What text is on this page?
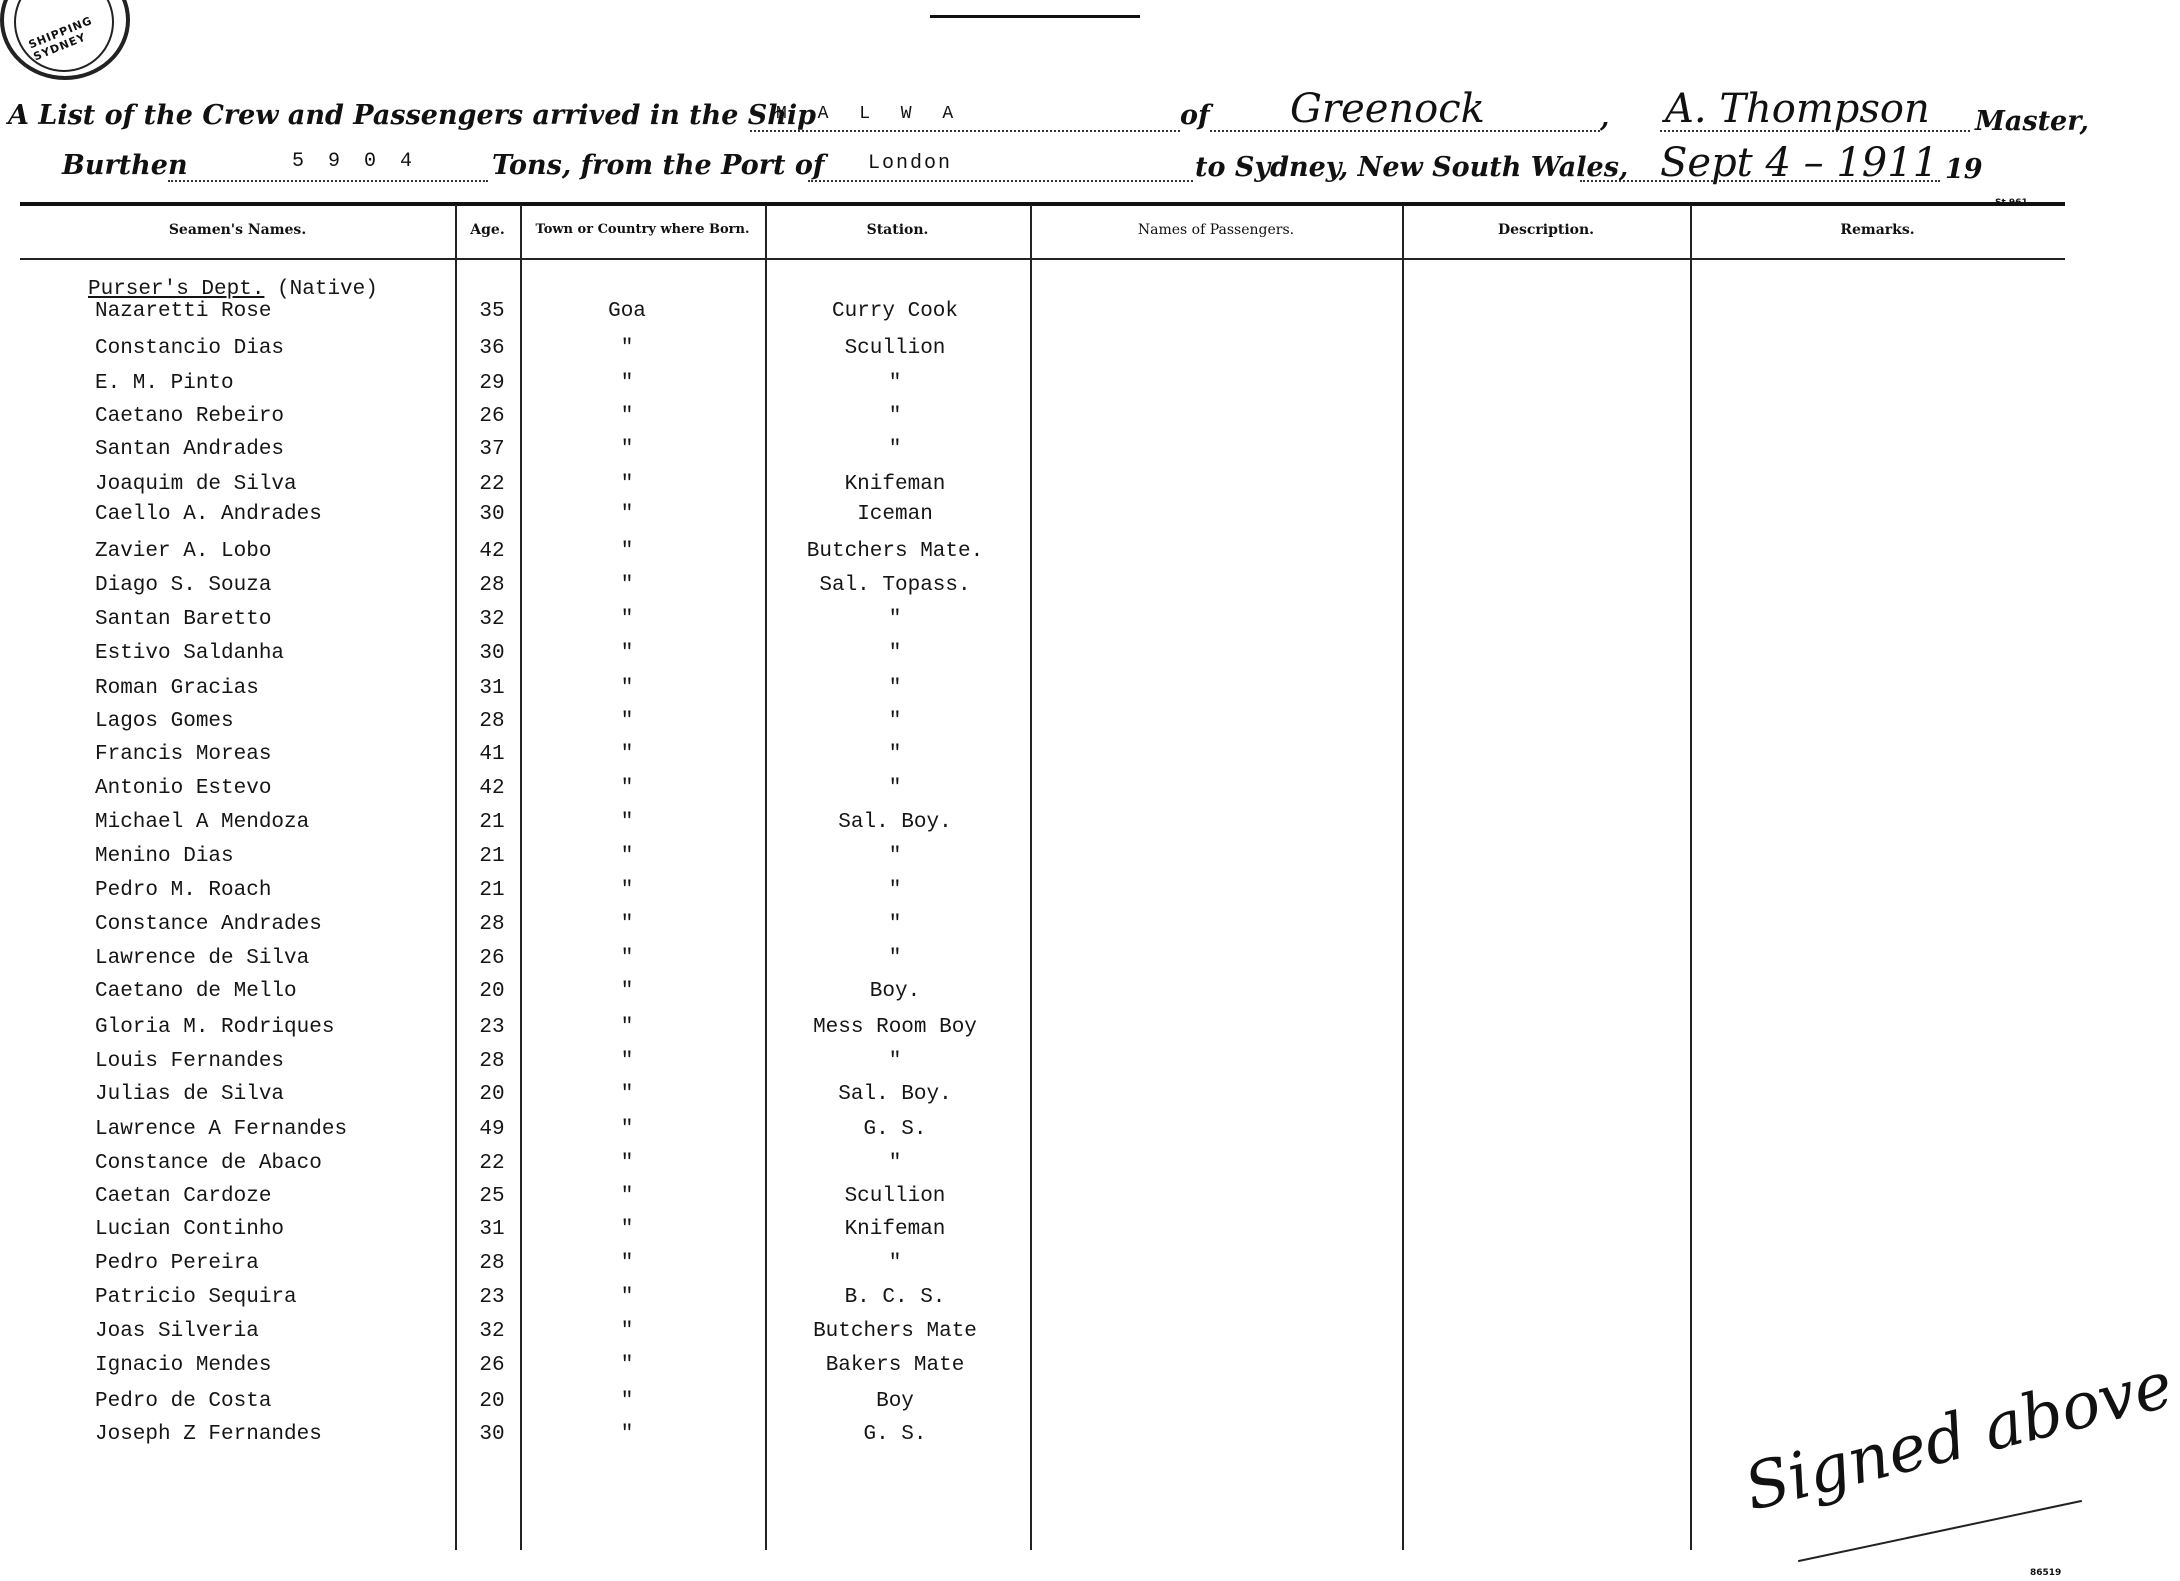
SHIPPING SYDNEY
A List of the Crew and Passengers arrived in the Ship
M A L W A	of Greenock	, A. Thompson Master,
Burthen	5 9 0 4	Tons, from the Port of London	to Sydney, New South Wales, Sept 4 – 1911 19
Seamen's Names.	Age.	Town or Country where Born.	Station.	Names of Passengers.	Description.	Remarks.
Purser's Dept. (Native)
Nazaretti Rose	35	Goa	Curry Cook
Constancio Dias	36	"	Scullion
E. M. Pinto	29	"	"
Caetano Rebeiro	26	"	"
Santan Andrades	37	"	"
Joaquim de Silva	22	"	Knifeman
Caello A. Andrades	30	"	Iceman
Zavier A. Lobo	42	"	Butchers Mate.
Diago S. Souza	28	"	Sal. Topass.
Santan Baretto	32	"	"
Estivo Saldanha	30	"	"
Roman Gracias	31	"	"
Lagos Gomes	28	"	"
Francis Moreas	41	"	"
Antonio Estevo	42	"	"
Michael A Mendoza	21	"	Sal. Boy.
Menino Dias	21	"	"
Pedro M. Roach	21	"	"
Constance Andrades	28	"	"
Lawrence de Silva	26	"	"
Caetano de Mello	20	"	Boy.
Gloria M. Rodriques	23	"	Mess Room Boy
Louis Fernandes	28	"	"
Julias de Silva	20	"	Sal. Boy.
Lawrence A Fernandes	49	"	G. S.
Constance de Abaco	22	"	"
Caetan Cardoze	25	"	Scullion
Lucian Continho	31	"	Knifeman
Pedro Pereira	28	"	"
Patricio Sequira	23	"	B. C. S.
Joas Silveria	32	"	Butchers Mate
Ignacio Mendes	26	"	Bakers Mate
Pedro de Costa	20	"	Boy
Joseph Z Fernandes	30	"	G. S.	Signed above
86519
